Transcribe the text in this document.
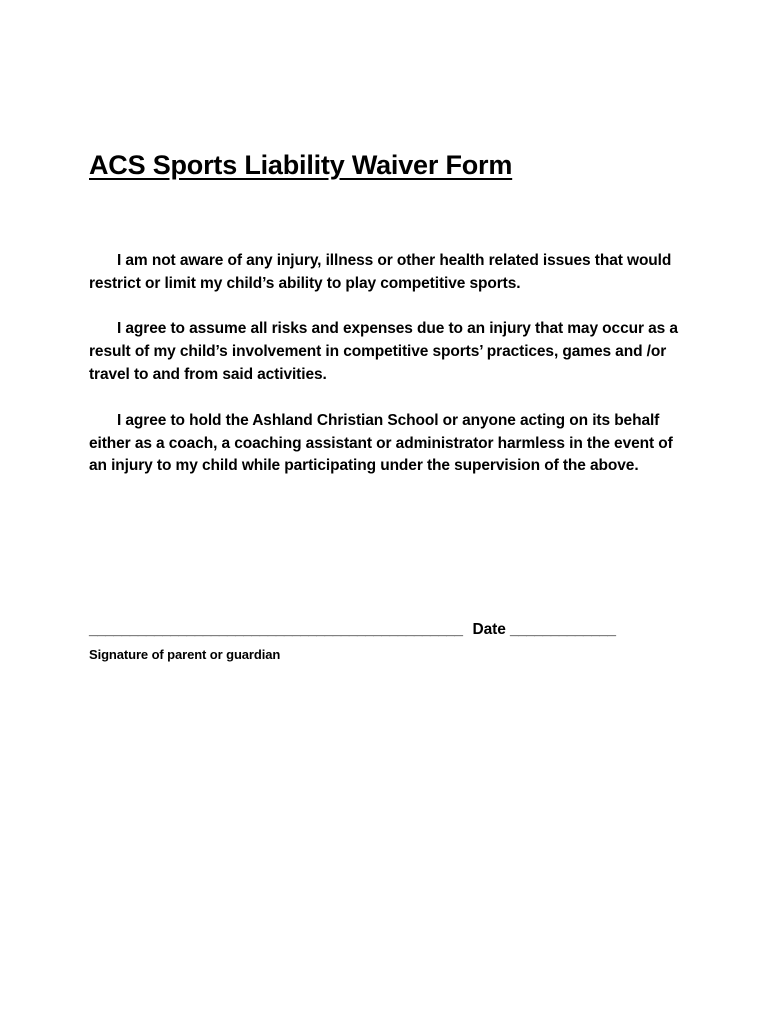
ACS Sports Liability Waiver Form

I am not aware of any injury, illness or other health related issues that would restrict or limit my child’s ability to play competitive sports.

I agree to assume all risks and expenses due to an injury that may occur as a result of my child’s involvement in competitive sports’ practices, games and /or travel to and from said activities.

I agree to hold the Ashland Christian School or anyone acting on its behalf either as a coach, a coaching assistant or administrator harmless in the event of an injury to my child while participating under the supervision of the above.

______________________________________________ Date _____________
Signature of parent or guardian
